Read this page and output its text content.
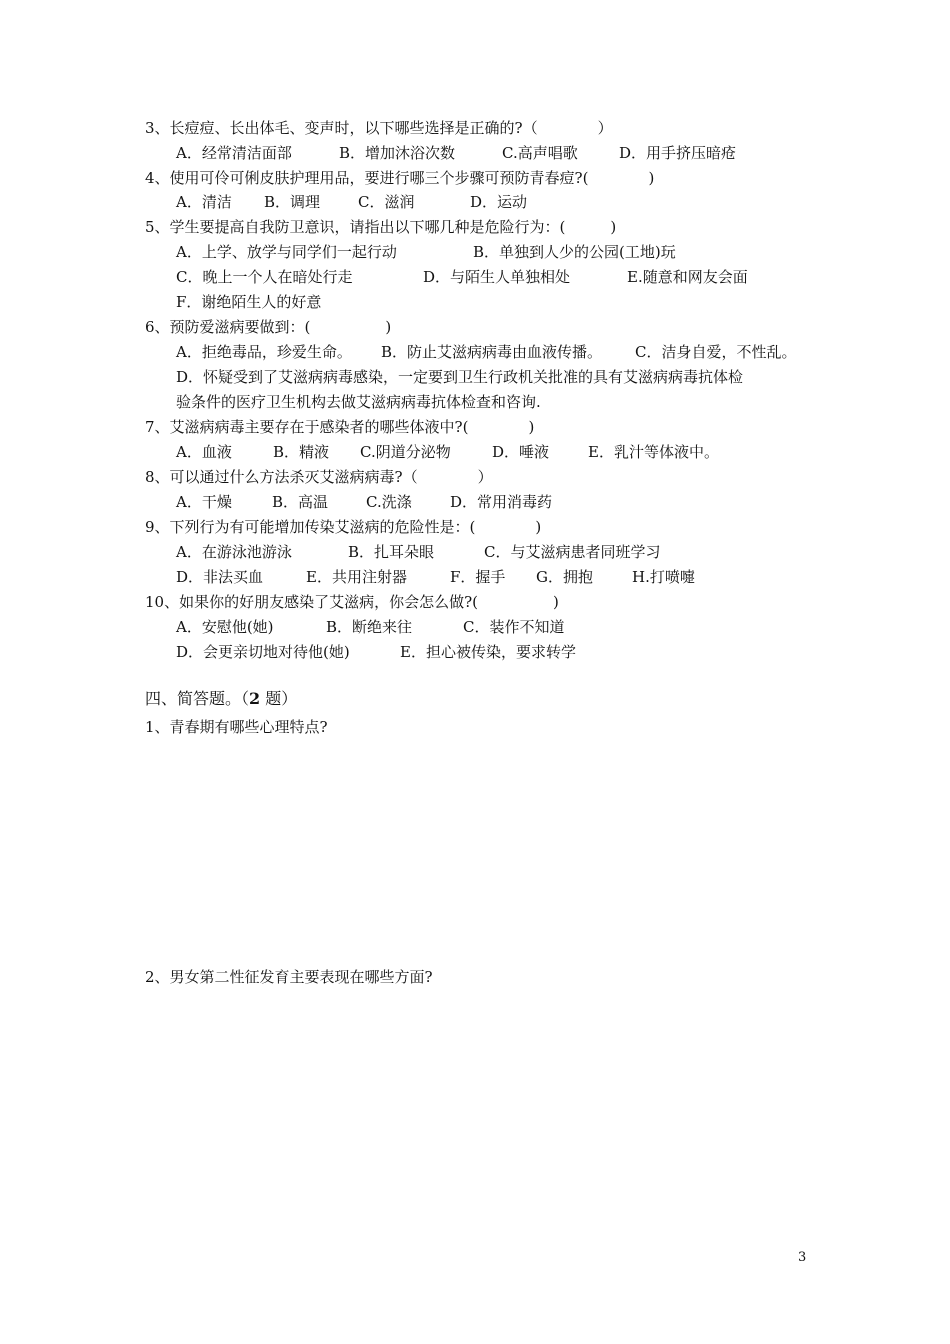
3、长痘痘、长出体毛、变声时，以下哪些选择是正确的?（　　　　）
A．经常清洁面部	B．增加沐浴次数	C.高声唱歌	D．用手挤压暗疮
4、使用可伶可俐皮肤护理用品，要进行哪三个步骤可预防青春痘?(　　　　)
A．清洁 B．调理	C．滋润	D．运动
5、学生要提高自我防卫意识，请指出以下哪几种是危险行为：(　　　)
A．上学、放学与同学们一起行动	B．单独到人少的公园(工地)玩
C．晚上一个人在暗处行走	D．与陌生人单独相处	E.随意和网友会面
F．谢绝陌生人的好意
6、预防爱滋病要做到：(　　　　　)
A．拒绝毒品，珍爱生命。 B．防止艾滋病病毒由血液传播。 C．洁身自爱，不性乱。
D．怀疑受到了艾滋病病毒感染，一定要到卫生行政机关批准的具有艾滋病病毒抗体检
验条件的医疗卫生机构去做艾滋病病毒抗体检查和咨询.
7、艾滋病病毒主要存在于感染者的哪些体液中?(　　　　)
A．血液	B．精液 C.阴道分泌物	D．唾液	E．乳汁等体液中。
8、可以通过什么方法杀灭艾滋病病毒?（　　　　）
A．干燥	B．高温	C.洗涤	D．常用消毒药
9、下列行为有可能增加传染艾滋病的危险性是：(　　　　)
A．在游泳池游泳	B．扎耳朵眼	C．与艾滋病患者同班学习
D．非法买血	E．共用注射器	F．握手 G．拥抱	H.打喷嚏
10、如果你的好朋友感染了艾滋病，你会怎么做?(　　　　　)
A．安慰他(她)	B．断绝来往	C．装作不知道
D．会更亲切地对待他(她)	E．担心被传染，要求转学
四、简答题。（2 题）
1、青春期有哪些心理特点?
2、男女第二性征发育主要表现在哪些方面?
3
